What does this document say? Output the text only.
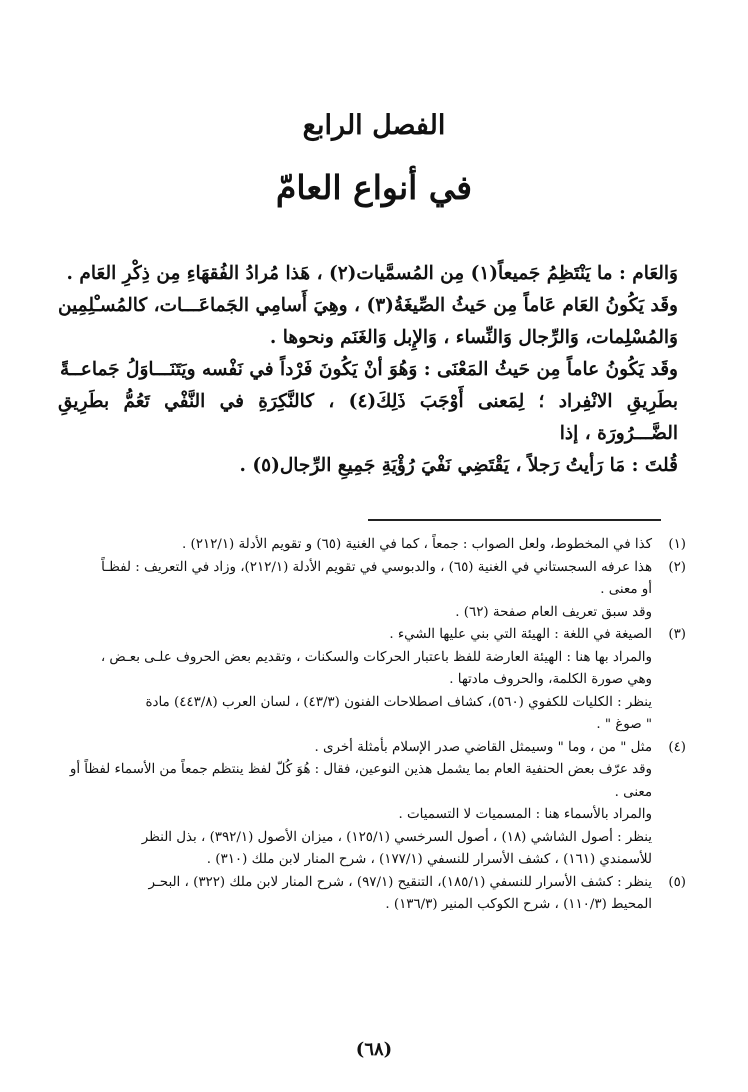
الفصل الرابع
في أنواع العامّ

وَالعَام : ما يَنْتَظِمُ جَميعاً(١) مِن المُسمَّيات(٢) ، هَذا مُرادُ الفُقهَاءِ مِن ذِكْرِ العَام .

وقَد يَكُونُ العَام عَاماً مِن حَيثُ الصِّيغَةُ(٣) ، وهِيَ أَسامِي الجَماعَـــات، كالمُسـْلِمِين

وَالمُسْلِمات، وَالرِّجال وَالنِّساء ، وَالإِبل وَالغَنَم ونحوها .

وقَد يَكُونُ عاماً مِن حَيثُ المَعْنَى : وَهُوَ أنْ يَكُونَ فَرْداً في نَفْسه ويَتَنَـــاوَلُ جَماعــةً

بطَرِيقِ الانْفِراد ؛ لِمَعنى أَوْجَبَ ذَلِكَ(٤) ، كالنَّكِرَةِ في النَّفْي تَعُمُّ بطَرِيقِ الضَّـــرُورَة ، إذا

قُلتَ : مَا رَأيتُ رَجلاً ، يَقْتَضِي نَفْيَ رُؤْيَةِ جَمِيعِ الرِّجال(٥) .

(١)
كذا في المخطوط، ولعل الصواب : جمعاً ، كما في الغنية (٦٥) و تقويم الأدلة (٢١٢/١) .
(٢)
هذا عرفه السجستاني في الغنية (٦٥) ، والدبوسي في تقويم الأدلة (٢١٢/١)، وزاد في التعريف : لفظـاً
أو معنى .
وقد سبق تعريف العام صفحة (٦٢) .
(٣)
الصيغة في اللغة : الهيئة التي بني عليها الشيء .
والمراد بها هنا : الهيئة العارضة للفظ باعتبار الحركات والسكنات ، وتقديم بعض الحروف علـى بعـض ،
وهي صورة الكلمة، والحروف مادتها .
ينظر : الكليات للكفوي (٥٦٠)، كشاف اصطلاحات الفنون (٤٣/٣) ، لسان العرب (٤٤٣/٨) مادة
" صوغ " .
(٤)
مثل " من ، وما " وسيمثل القاضي صدر الإسلام بأمثلة أخرى .
وقد عرّف بعض الحنفية العام بما يشمل هذين النوعين، فقال : هُوَ كُلّ لفظ ينتظم جمعاً من الأسماء لفظاً أو
معنى .
والمراد بالأسماء هنا : المسميات لا التسميات .
ينظر : أصول الشاشي (١٨) ، أصول السرخسي (١٢٥/١) ، ميزان الأصول (٣٩٢/١) ، بذل النظر
للأسمندي (١٦١) ، كشف الأسرار للنسفي (١٧٧/١) ، شرح المنار لابن ملك (٣١٠) .
(٥)
ينظر : كشف الأسرار للنسفي (١٨٥/١)، التنقيح (٩٧/١) ، شرح المنار لابن ملك (٣٢٢) ، البحـر
المحيط (١١٠/٣) ، شرح الكوكب المنير (١٣٦/٣) .
(٦٨)
